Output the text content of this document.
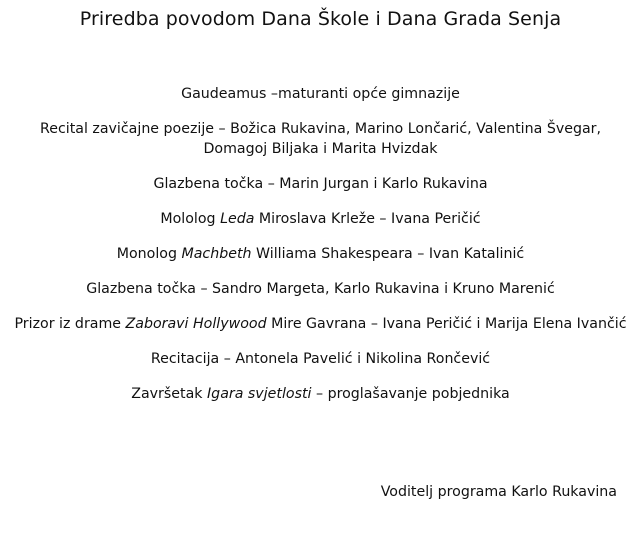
Priredba povodom Dana Škole i Dana Grada Senja
Gaudeamus –maturanti opće gimnazije
Recital zavičajne poezije – Božica Rukavina, Marino Lončarić, Valentina Švegar, Domagoj Biljaka i Marita Hvizdak
Glazbena točka – Marin Jurgan i Karlo Rukavina
Mololog Leda Miroslava Krleže – Ivana Peričić
Monolog Machbeth Williama Shakespeara – Ivan Katalinić
Glazbena točka – Sandro Margeta, Karlo Rukavina i Kruno Marenić
Prizor iz drame Zaboravi Hollywood Mire Gavrana – Ivana Peričić i Marija Elena Ivančić
Recitacija – Antonela Pavelić i Nikolina Rončević
Završetak Igara svjetlosti – proglašavanje pobjednika
Voditelj programa Karlo Rukavina
